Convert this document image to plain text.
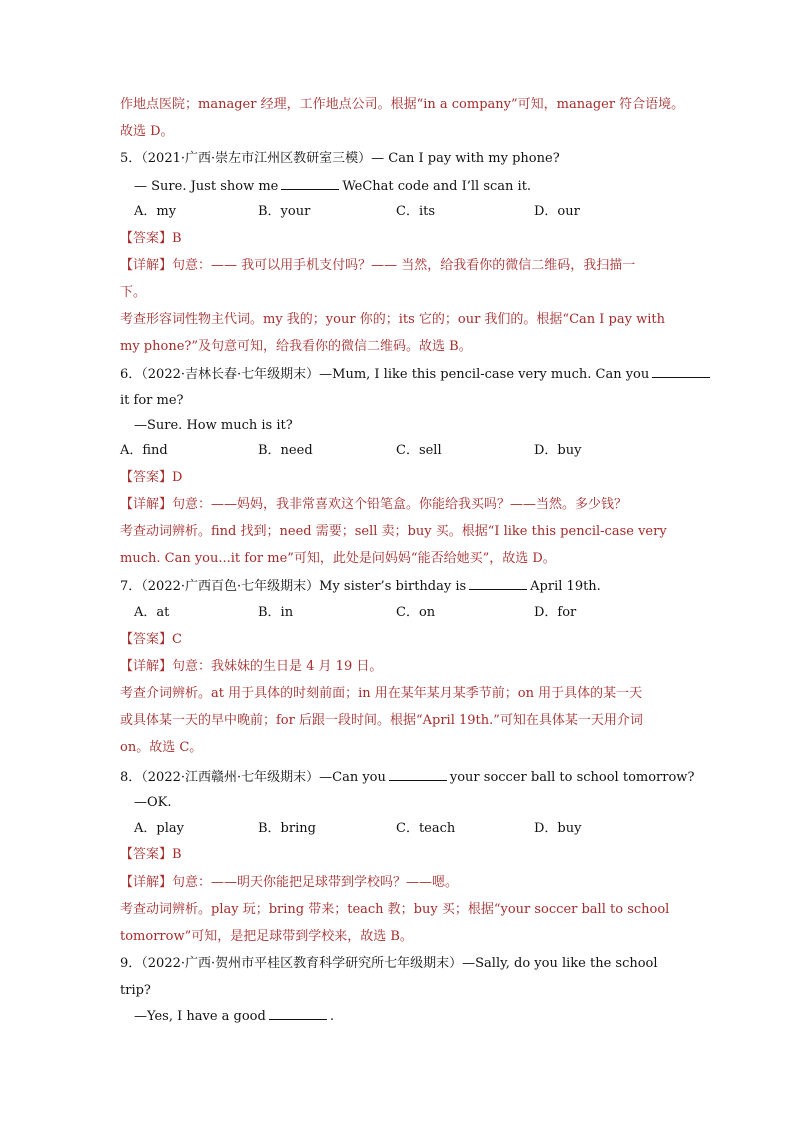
作地点医院；manager 经理，工作地点公司。根据“in a company”可知，manager 符合语境。
故选 D。
5．（2021·广西·崇左市江州区教研室三模）— Can I pay with my phone?
— Sure. Just show me	WeChat code and I’ll scan it.
A．my	B．your	C．its	D．our
【答案】B
【详解】句意：—— 我可以用手机支付吗？—— 当然，给我看你的微信二维码，我扫描一
下。
考查形容词性物主代词。my 我的；your 你的；its 它的；our 我们的。根据“Can I pay with
my phone?”及句意可知，给我看你的微信二维码。故选 B。
6．（2022·吉林长春·七年级期末）—Mum, I like this pencil-case very much. Can you
it for me?
—Sure. How much is it?
A．find	B．need	C．sell	D．buy
【答案】D
【详解】句意：——妈妈，我非常喜欢这个铅笔盒。你能给我买吗？——当然。多少钱？
考查动词辨析。find 找到；need 需要；sell 卖；buy 买。根据“I like this pencil-case very
much. Can you...it for me”可知，此处是问妈妈“能否给她买”，故选 D。
7．（2022·广西百色·七年级期末）My sister’s birthday is	April 19th.
A．at	B．in	C．on	D．for
【答案】C
【详解】句意：我妹妹的生日是 4 月 19 日。
考查介词辨析。at 用于具体的时刻前面；in 用在某年某月某季节前；on 用于具体的某一天
或具体某一天的早中晚前；for 后跟一段时间。根据“April 19th.”可知在具体某一天用介词
on。故选 C。
8．（2022·江西赣州·七年级期末）—Can you	your soccer ball to school tomorrow?
—OK.
A．play	B．bring	C．teach	D．buy
【答案】B
【详解】句意：——明天你能把足球带到学校吗？——嗯。
考查动词辨析。play 玩；bring 带来；teach 教；buy 买；根据“your soccer ball to school
tomorrow”可知，是把足球带到学校来，故选 B。
9．（2022·广西·贺州市平桂区教育科学研究所七年级期末）—Sally, do you like the school
trip?
—Yes, I have a good	.
